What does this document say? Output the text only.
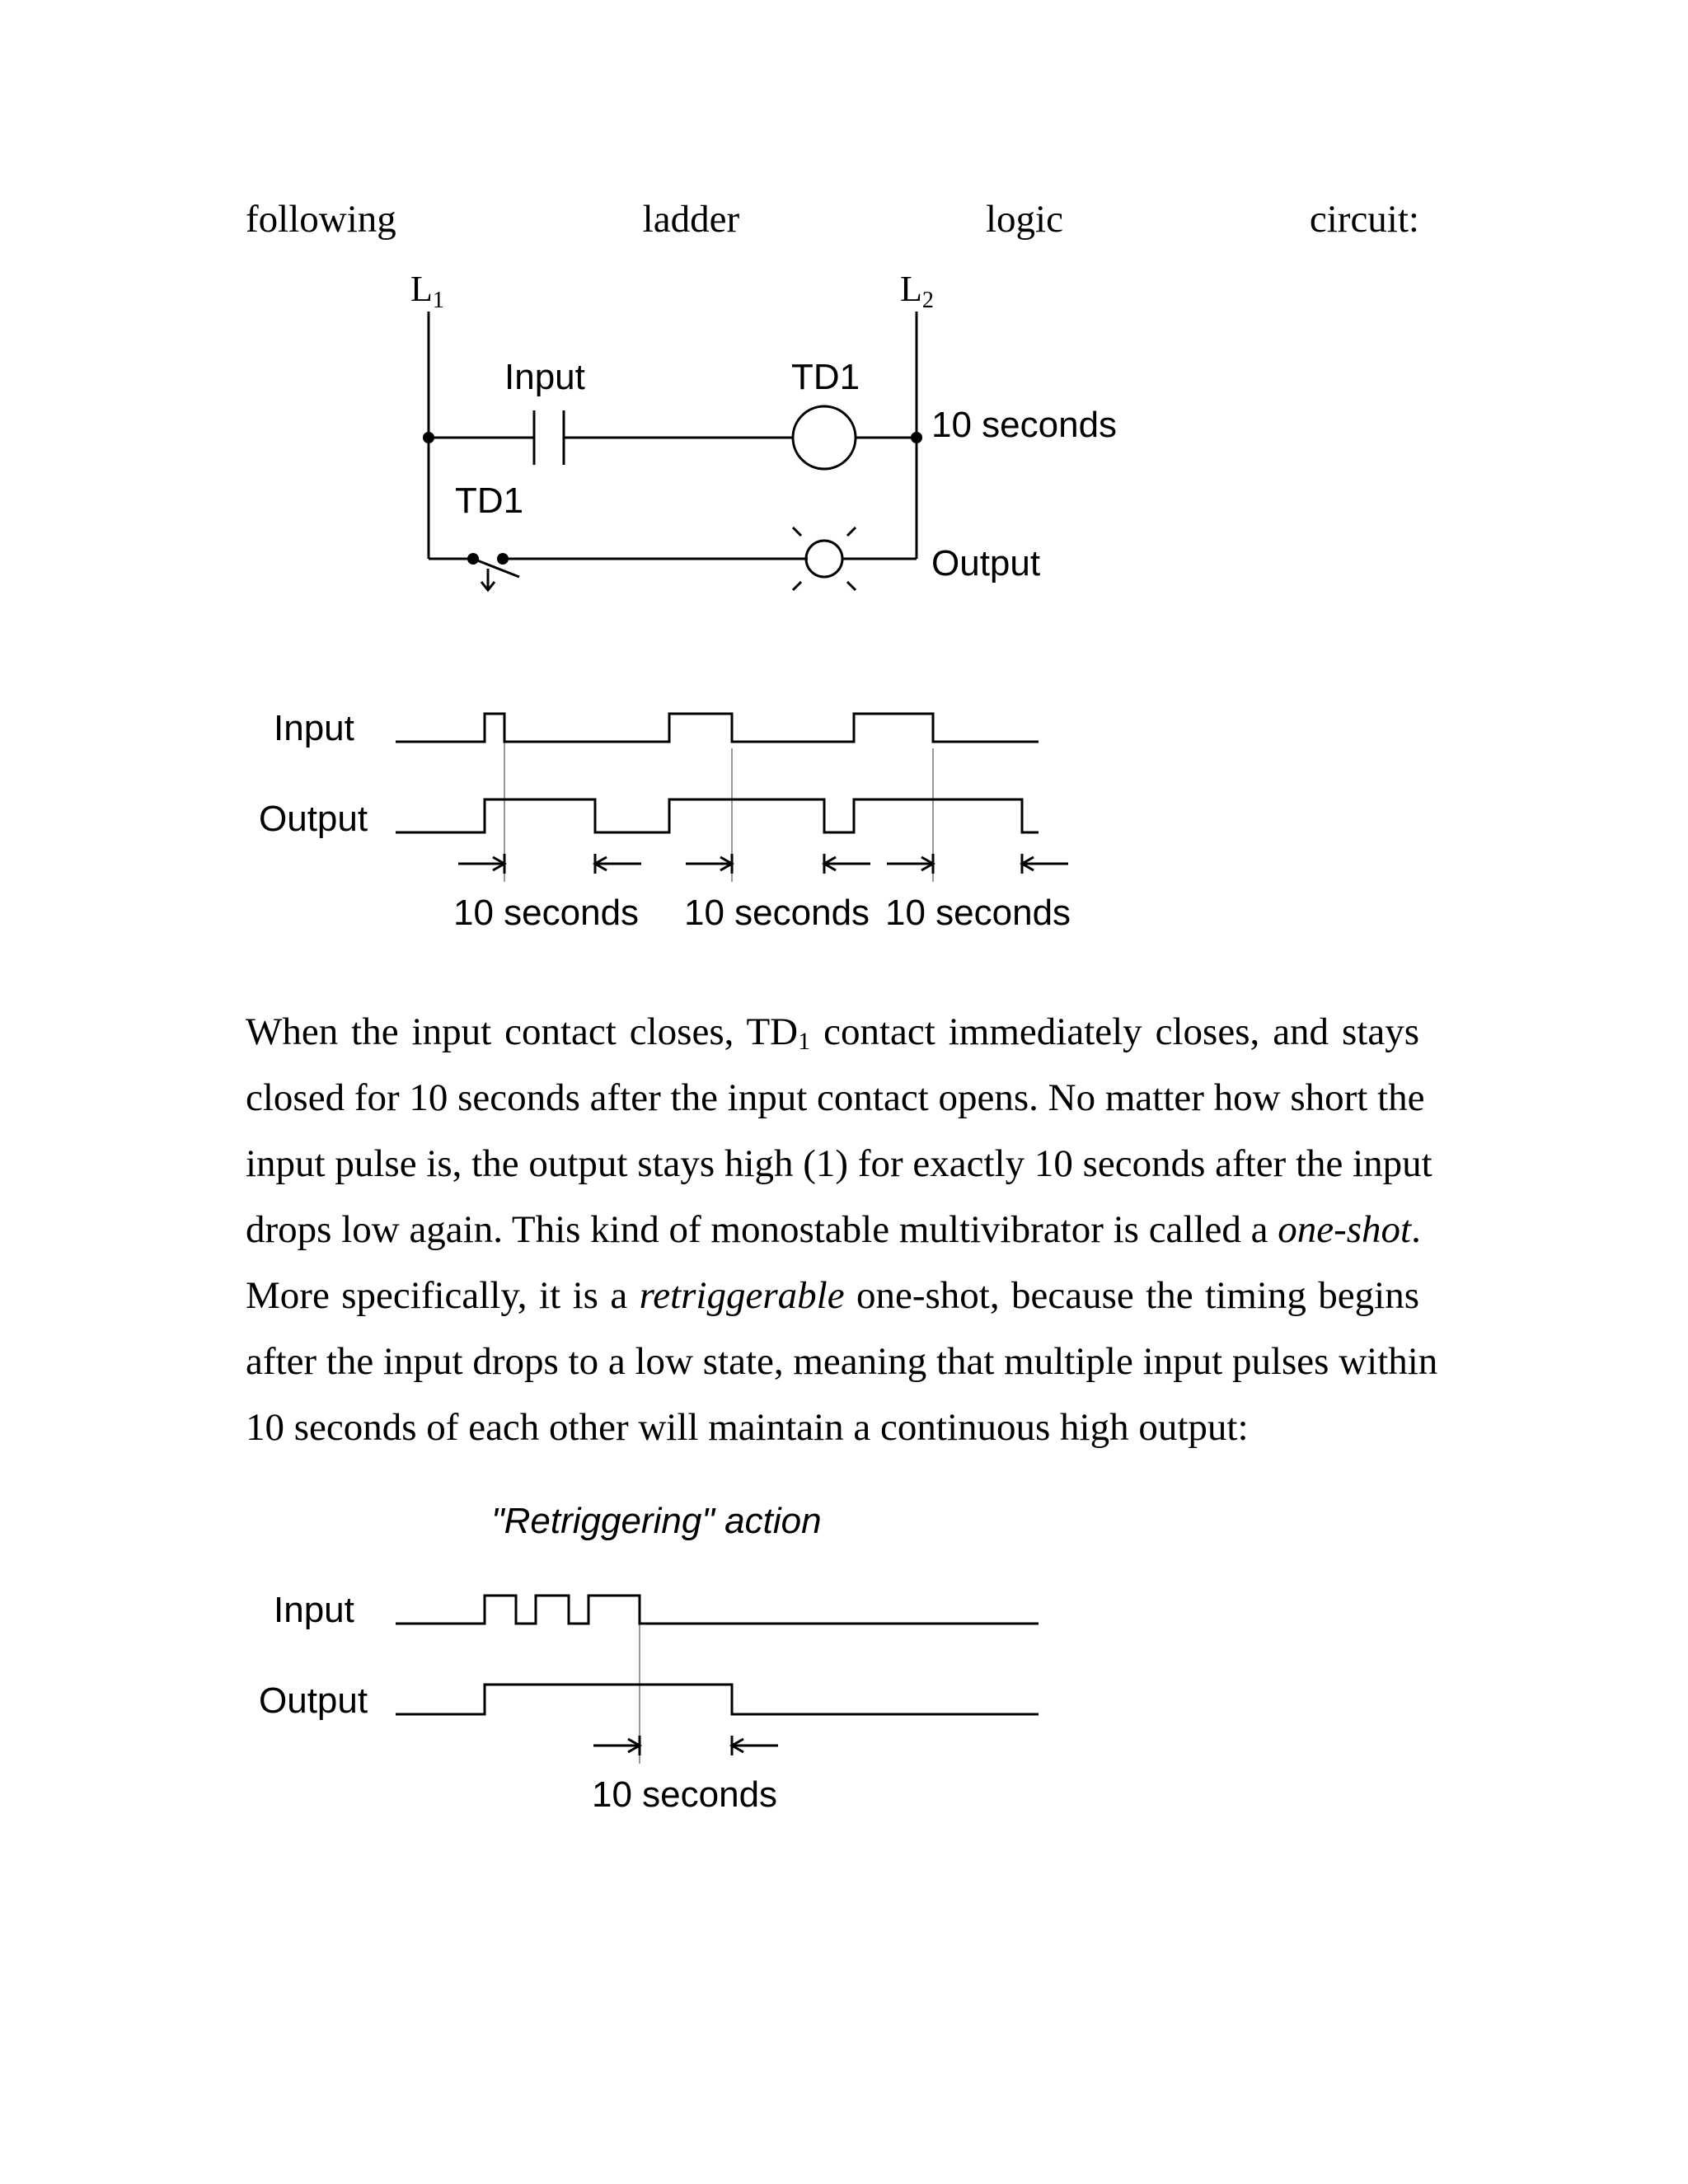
following	ladder	logic	circuit:
L1	L2
Input	TD1
10 seconds
TD1
Output
Input
Output
10 seconds 10 seconds 10 seconds
"Retriggering" action
Input
Output
10 seconds
When the input contact closes, $TD_1$ contact immediately closes, and stays
closed for 10 seconds after the input contact opens. No matter how short the
input pulse is, the output stays high (1) for exactly 10 seconds after the input
drops low again. This kind of monostable multivibrator is called a one-shot.
More specifically, it is a retriggerable one-shot, because the timing begins
after the input drops to a low state, meaning that multiple input pulses within
10 seconds of each other will maintain a continuous high output:
